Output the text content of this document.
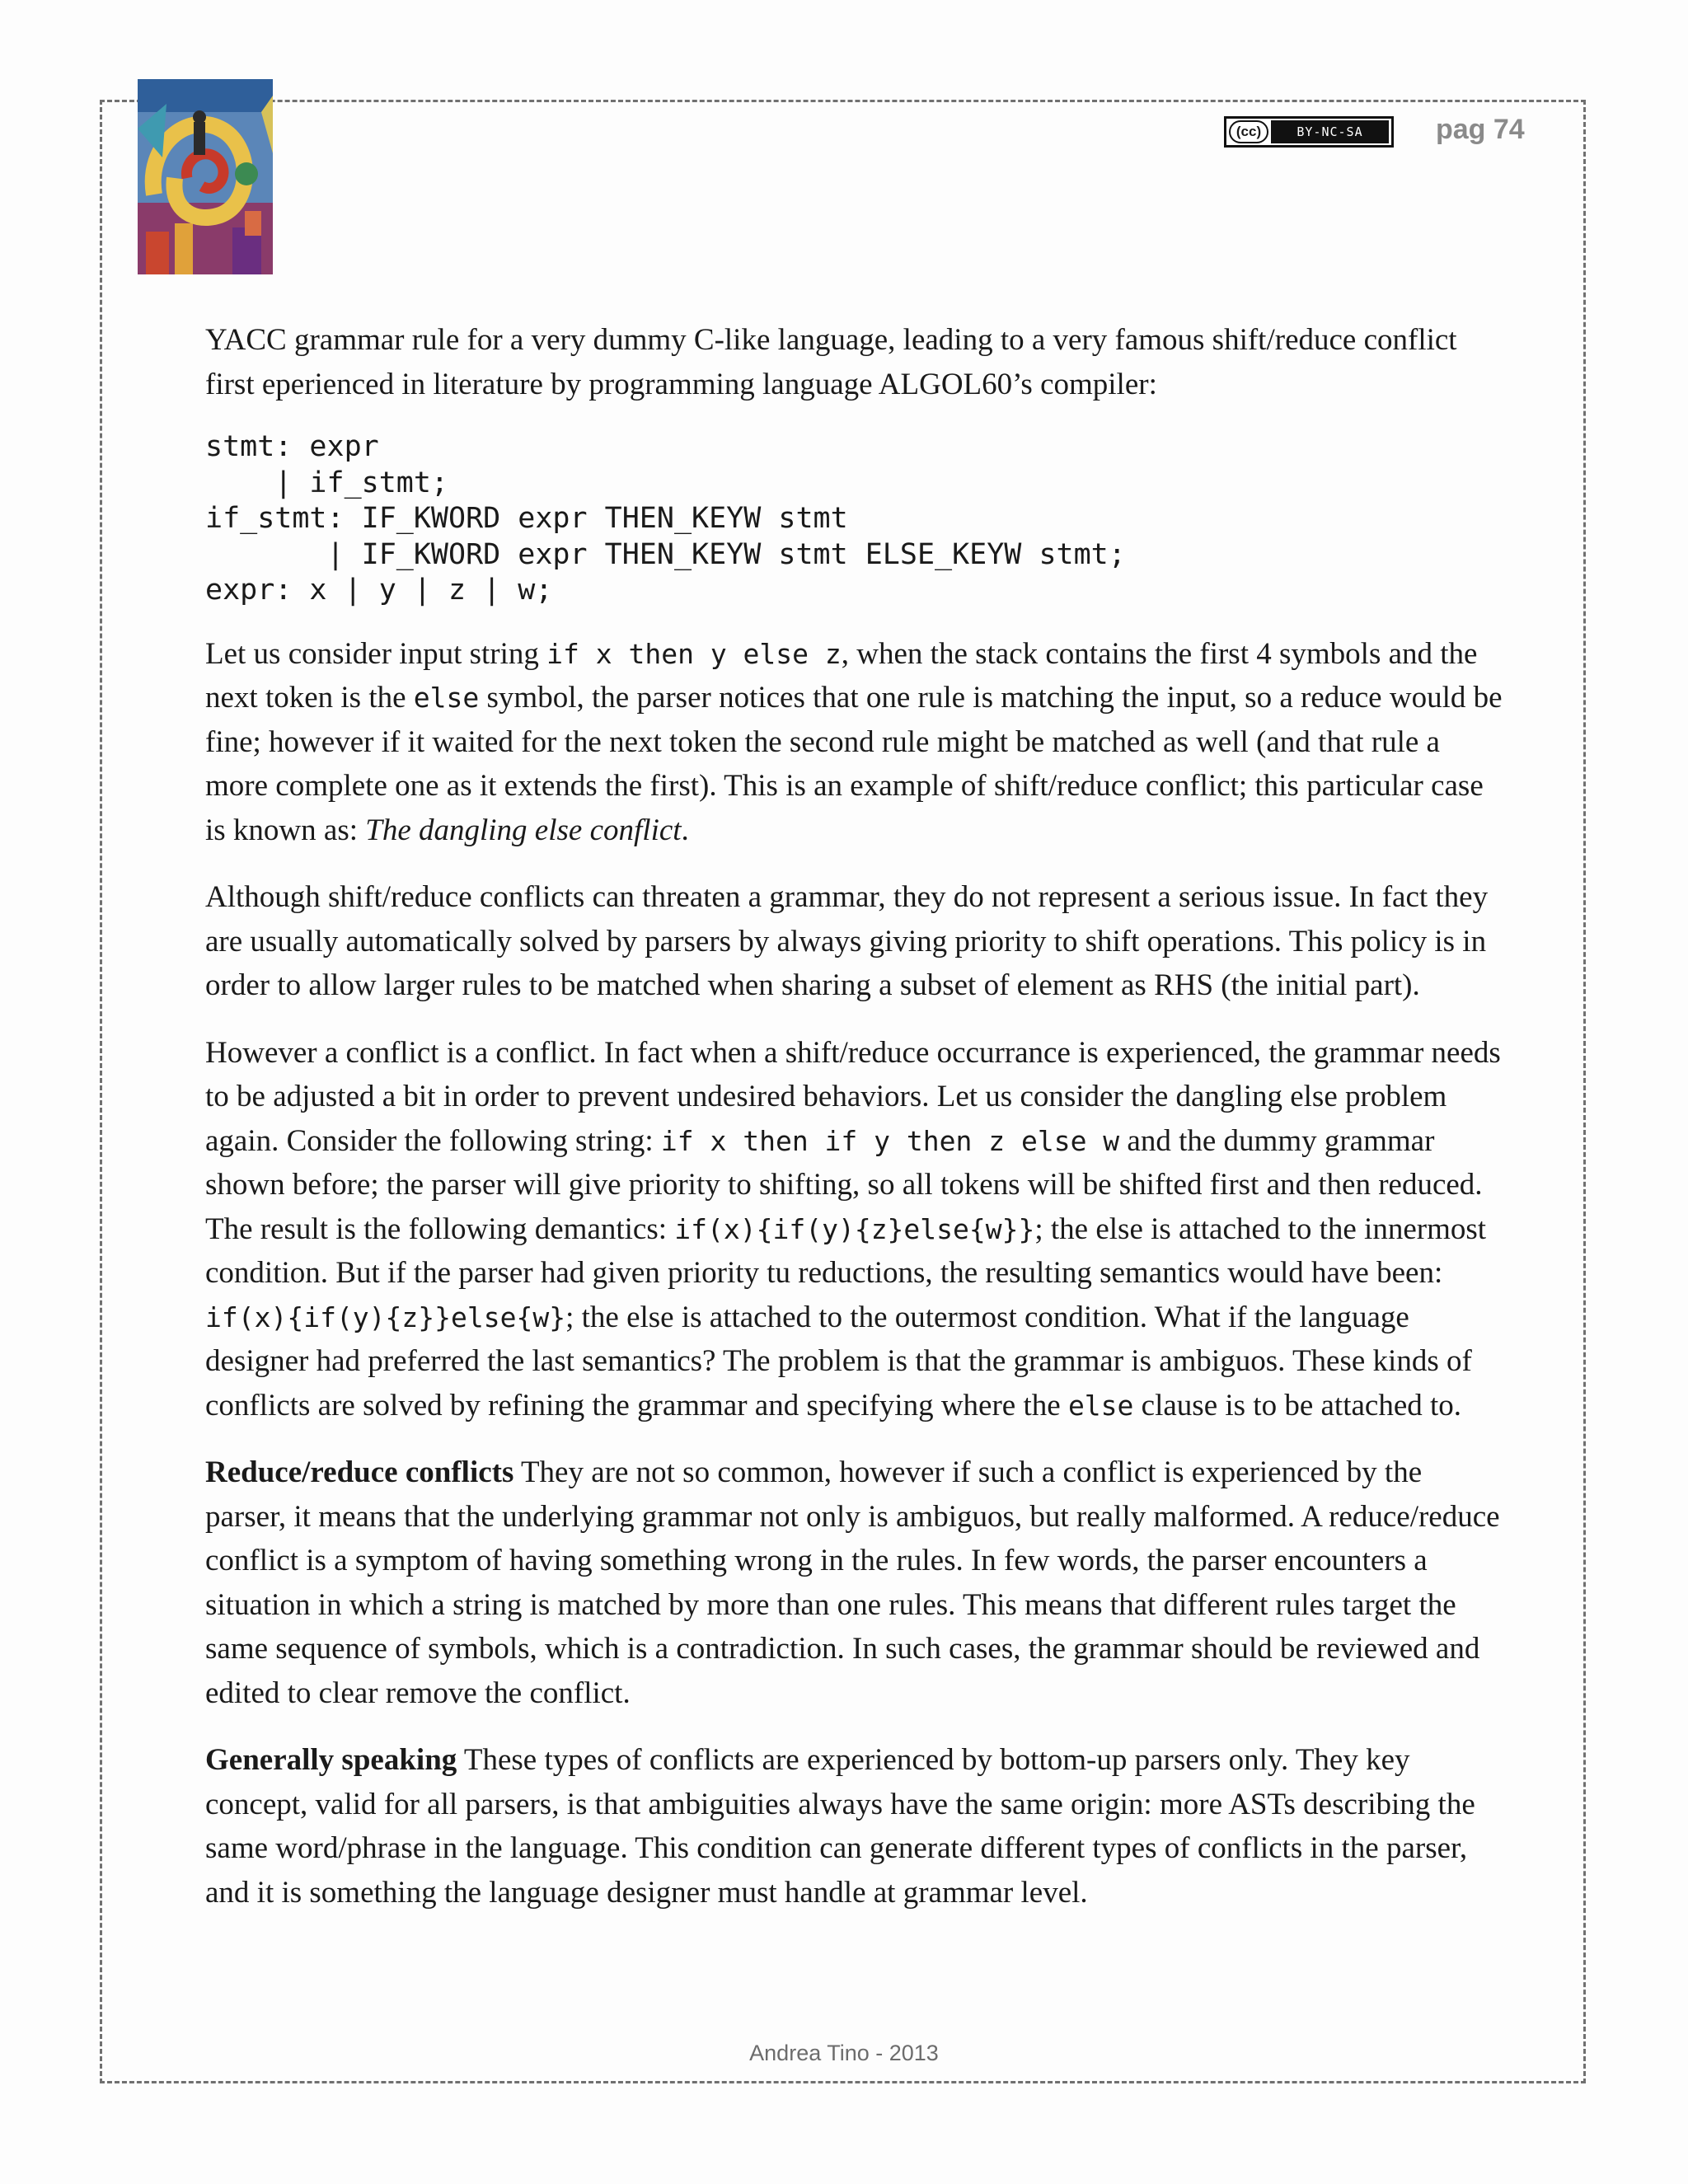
(cc)	BY-NC-SA	pag 74

YACC grammar rule for a very dummy C-like language, leading to a very famous shift/reduce conflict first eperienced in literature by programming language ALGOL60’s compiler:

stmt: expr
| if_stmt;
if_stmt: IF_KWORD expr THEN_KEYW stmt
| IF_KWORD expr THEN_KEYW stmt ELSE_KEYW stmt;
expr: x | y | z | w;

Let us consider input string if x then y else z, when the stack contains the first 4 symbols and the next token is the else symbol, the parser notices that one rule is matching the input, so a reduce would be fine; however if it waited for the next token the second rule might be matched as well (and that rule a more complete one as it extends the first). This is an example of shift/reduce conflict; this particular case is known as: The dangling else conflict.

Although shift/reduce conflicts can threaten a grammar, they do not represent a serious issue. In fact they are usually automatically solved by parsers by always giving priority to shift operations. This policy is in order to allow larger rules to be matched when sharing a subset of element as RHS (the initial part).

However a conflict is a conflict. In fact when a shift/reduce occurrance is experienced, the grammar needs to be adjusted a bit in order to prevent undesired behaviors. Let us consider the dangling else problem again. Consider the following string: if x then if y then z else w and the dummy grammar shown before; the parser will give priority to shifting, so all tokens will be shifted first and then reduced. The result is the following demantics: if(x){if(y){z}else{w}}; the else is attached to the innermost condition. But if the parser had given priority tu reductions, the resulting semantics would have been: if(x){if(y){z}}else{w}; the else is attached to the outermost condition. What if the language designer had preferred the last semantics? The problem is that the grammar is ambiguos. These kinds of conflicts are solved by refining the grammar and specifying where the else clause is to be attached to.

Reduce/reduce conflicts They are not so common, however if such a conflict is experienced by the parser, it means that the underlying grammar not only is ambiguos, but really malformed. A reduce/reduce conflict is a symptom of having something wrong in the rules. In few words, the parser encounters a situation in which a string is matched by more than one rules. This means that different rules target the same sequence of symbols, which is a contradiction. In such cases, the grammar should be reviewed and edited to clear remove the conflict.

Generally speaking These types of conflicts are experienced by bottom-up parsers only. They key concept, valid for all parsers, is that ambiguities always have the same origin: more ASTs describing the same word/phrase in the language. This condition can generate different types of conflicts in the parser, and it is something the language designer must handle at grammar level.

Andrea Tino - 2013
